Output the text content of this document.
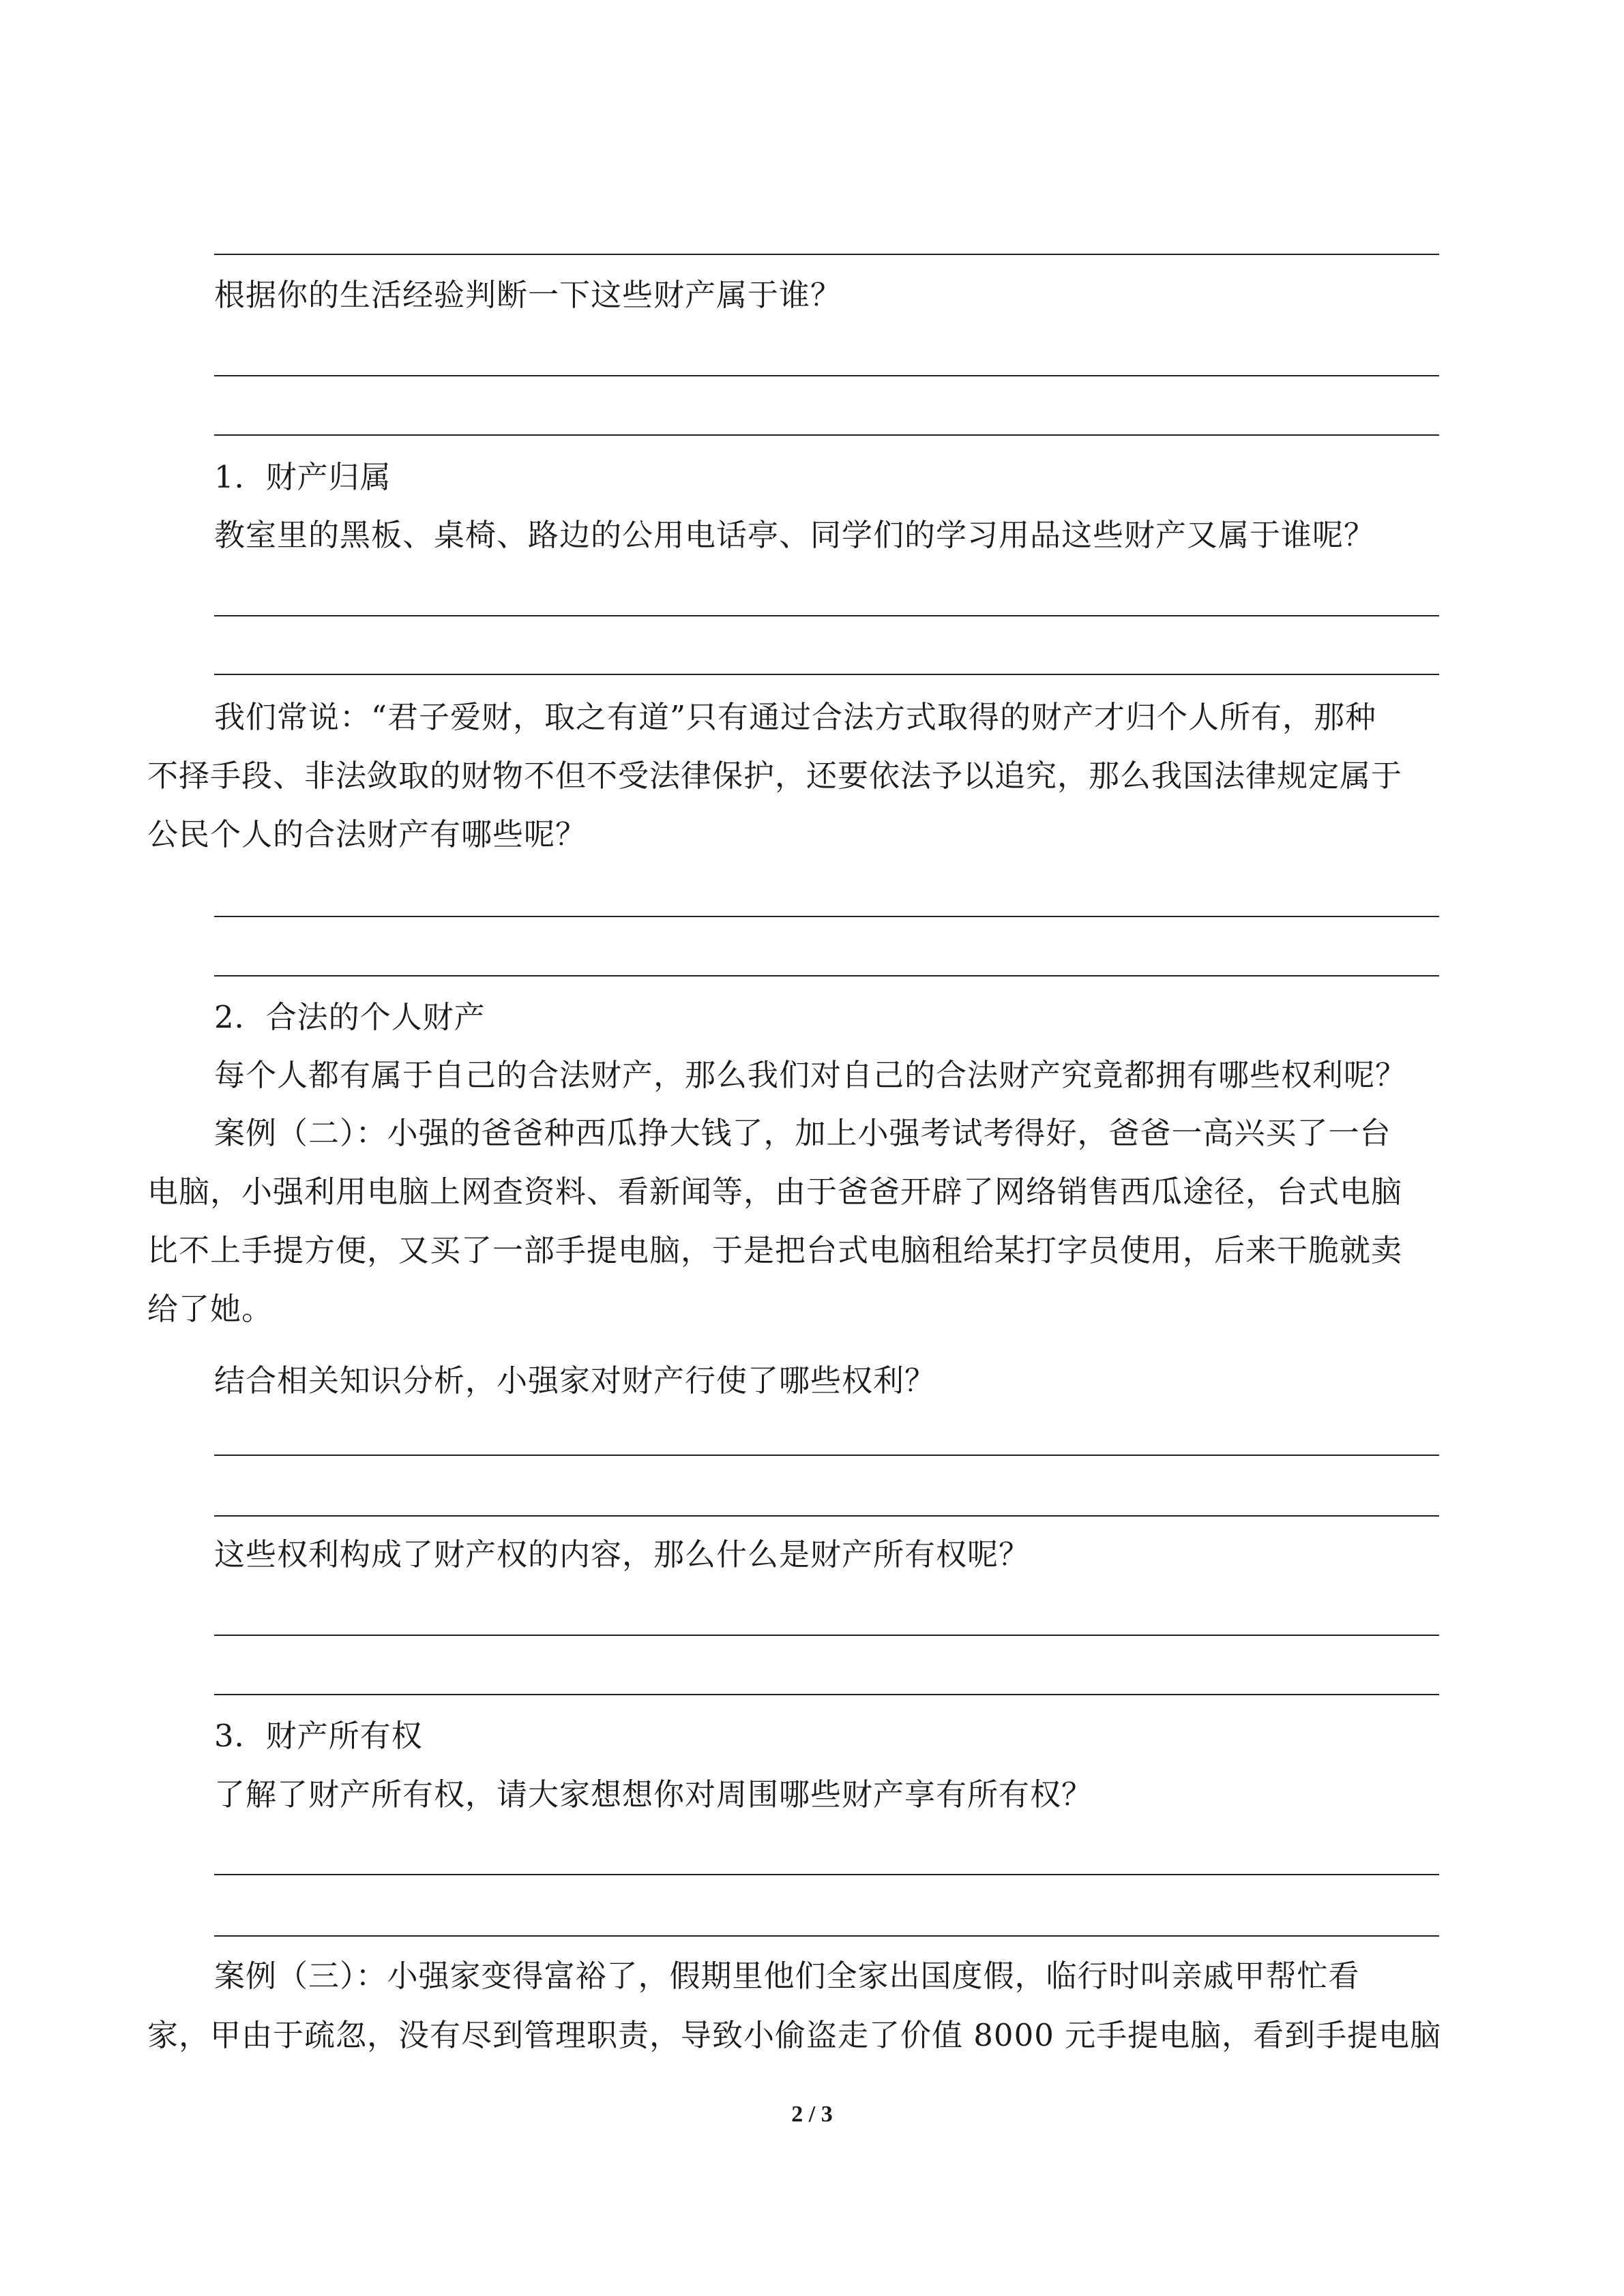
根据你的生活经验判断一下这些财产属于谁？
1．财产归属
教室里的黑板、桌椅、路边的公用电话亭、同学们的学习用品这些财产又属于谁呢？
我们常说：“君子爱财，取之有道”只有通过合法方式取得的财产才归个人所有，那种
不择手段、非法敛取的财物不但不受法律保护，还要依法予以追究，那么我国法律规定属于
公民个人的合法财产有哪些呢？
2．合法的个人财产
每个人都有属于自己的合法财产，那么我们对自己的合法财产究竟都拥有哪些权利呢？
案例（二）：小强的爸爸种西瓜挣大钱了，加上小强考试考得好，爸爸一高兴买了一台
电脑，小强利用电脑上网查资料、看新闻等，由于爸爸开辟了网络销售西瓜途径，台式电脑
比不上手提方便，又买了一部手提电脑，于是把台式电脑租给某打字员使用，后来干脆就卖
给了她。
结合相关知识分析，小强家对财产行使了哪些权利？
这些权利构成了财产权的内容，那么什么是财产所有权呢？
3．财产所有权
了解了财产所有权，请大家想想你对周围哪些财产享有所有权？
案例（三）：小强家变得富裕了，假期里他们全家出国度假，临行时叫亲戚甲帮忙看
家，甲由于疏忽，没有尽到管理职责，导致小偷盗走了价值 8000 元手提电脑，看到手提电脑
2 / 3
